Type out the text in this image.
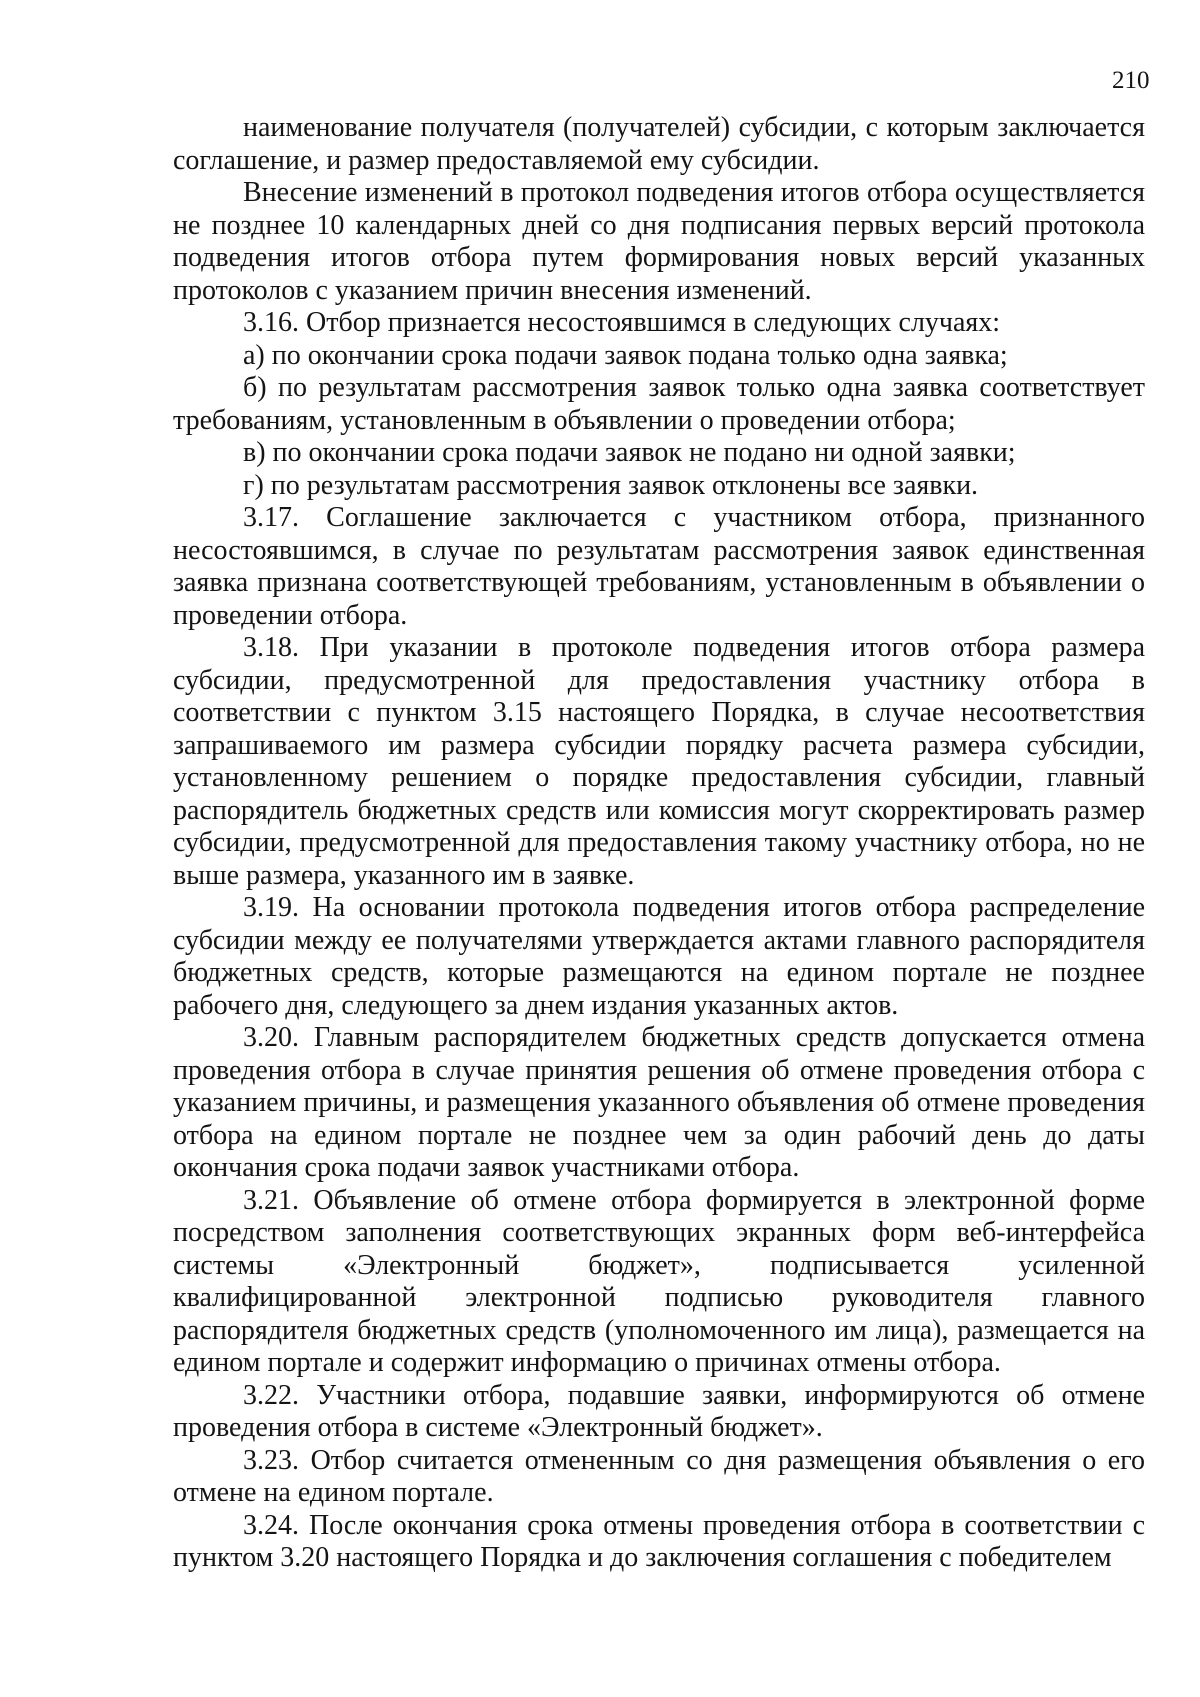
210

наименование получателя (получателей) субсидии, с которым заключается соглашение, и размер предоставляемой ему субсидии.

Внесение изменений в протокол подведения итогов отбора осуществляется не позднее 10 календарных дней со дня подписания первых версий протокола подведения итогов отбора путем формирования новых версий указанных протоколов с указанием причин внесения изменений.

3.16. Отбор признается несостоявшимся в следующих случаях:

а) по окончании срока подачи заявок подана только одна заявка;

б) по результатам рассмотрения заявок только одна заявка соответствует требованиям, установленным в объявлении о проведении отбора;

в) по окончании срока подачи заявок не подано ни одной заявки;

г) по результатам рассмотрения заявок отклонены все заявки.

3.17. Соглашение заключается с участником отбора, признанного несостоявшимся, в случае по результатам рассмотрения заявок единственная заявка признана соответствующей требованиям, установленным в объявлении о проведении отбора.

3.18. При указании в протоколе подведения итогов отбора размера субсидии, предусмотренной для предоставления участнику отбора в соответствии с пунктом 3.15 настоящего Порядка, в случае несоответствия запрашиваемого им размера субсидии порядку расчета размера субсидии, установленному решением о порядке предоставления субсидии, главный распорядитель бюджетных средств или комиссия могут скорректировать размер субсидии, предусмотренной для предоставления такому участнику отбора, но не выше размера, указанного им в заявке.

3.19. На основании протокола подведения итогов отбора распределение субсидии между ее получателями утверждается актами главного распорядителя бюджетных средств, которые размещаются на едином портале не позднее рабочего дня, следующего за днем издания указанных актов.

3.20. Главным распорядителем бюджетных средств допускается отмена проведения отбора в случае принятия решения об отмене проведения отбора с указанием причины, и размещения указанного объявления об отмене проведения отбора на едином портале не позднее чем за один рабочий день до даты окончания срока подачи заявок участниками отбора.

3.21. Объявление об отмене отбора формируется в электронной форме посредством заполнения соответствующих экранных форм веб-интерфейса системы «Электронный бюджет», подписывается усиленной квалифицированной электронной подписью руководителя главного распорядителя бюджетных средств (уполномоченного им лица), размещается на едином портале и содержит информацию о причинах отмены отбора.

3.22. Участники отбора, подавшие заявки, информируются об отмене проведения отбора в системе «Электронный бюджет».

3.23. Отбор считается отмененным со дня размещения объявления о его отмене на едином портале.

3.24. После окончания срока отмены проведения отбора в соответствии с пунктом 3.20 настоящего Порядка и до заключения соглашения с победителем
